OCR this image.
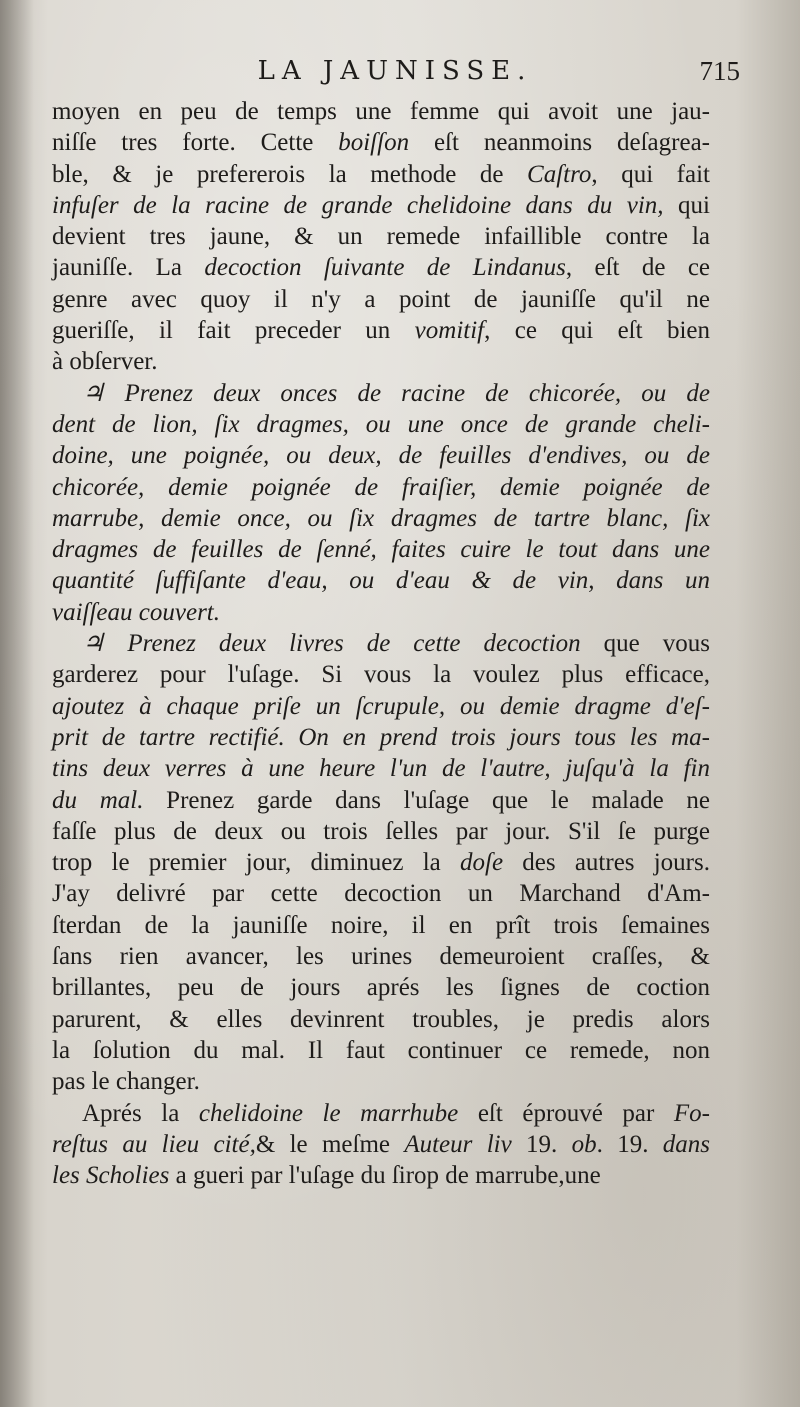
LA JAUNISSE.	715
moyen en peu de temps une femme qui avoit une jau-
niſſe tres forte. Cette boiſſon eſt neanmoins deſagrea-
ble, & je prefererois la methode de Caſtro, qui fait
infuſer de la racine de grande chelidoine dans du vin, qui
devient tres jaune, & un remede infaillible contre la
jauniſſe. La decoction ſuivante de Lindanus, eſt de ce
genre avec quoy il n'y a point de jauniſſe qu'il ne
gueriſſe, il fait preceder un vomitif, ce qui eſt bien
à obſerver.
♃ Prenez deux onces de racine de chicorée, ou de
dent de lion, ſix dragmes, ou une once de grande cheli-
doine, une poignée, ou deux, de feuilles d'endives, ou de
chicorée, demie poignée de fraiſier, demie poignée de
marrube, demie once, ou ſix dragmes de tartre blanc, ſix
dragmes de feuilles de ſenné, faites cuire le tout dans une
quantité ſuffiſante d'eau, ou d'eau & de vin, dans un
vaiſſeau couvert.
♃ Prenez deux livres de cette decoction que vous
garderez pour l'uſage. Si vous la voulez plus efficace,
ajoutez à chaque priſe un ſcrupule, ou demie dragme d'eſ-
prit de tartre rectifié. On en prend trois jours tous les ma-
tins deux verres à une heure l'un de l'autre, juſqu'à la fin
du mal. Prenez garde dans l'uſage que le malade ne
faſſe plus de deux ou trois ſelles par jour. S'il ſe purge
trop le premier jour, diminuez la doſe des autres jours.
J'ay delivré par cette decoction un Marchand d'Am-
ſterdan de la jauniſſe noire, il en prît trois ſemaines
ſans rien avancer, les urines demeuroient craſſes, &
brillantes, peu de jours aprés les ſignes de coction
parurent, & elles devinrent troubles, je predis alors
la ſolution du mal. Il faut continuer ce remede, non
pas le changer.
Aprés la chelidoine le marrhube eſt éprouvé par Fo-
reſtus au lieu cité,& le meſme Auteur liv 19. ob. 19. dans
les Scholies a gueri par l'uſage du ſirop de marrube,une
